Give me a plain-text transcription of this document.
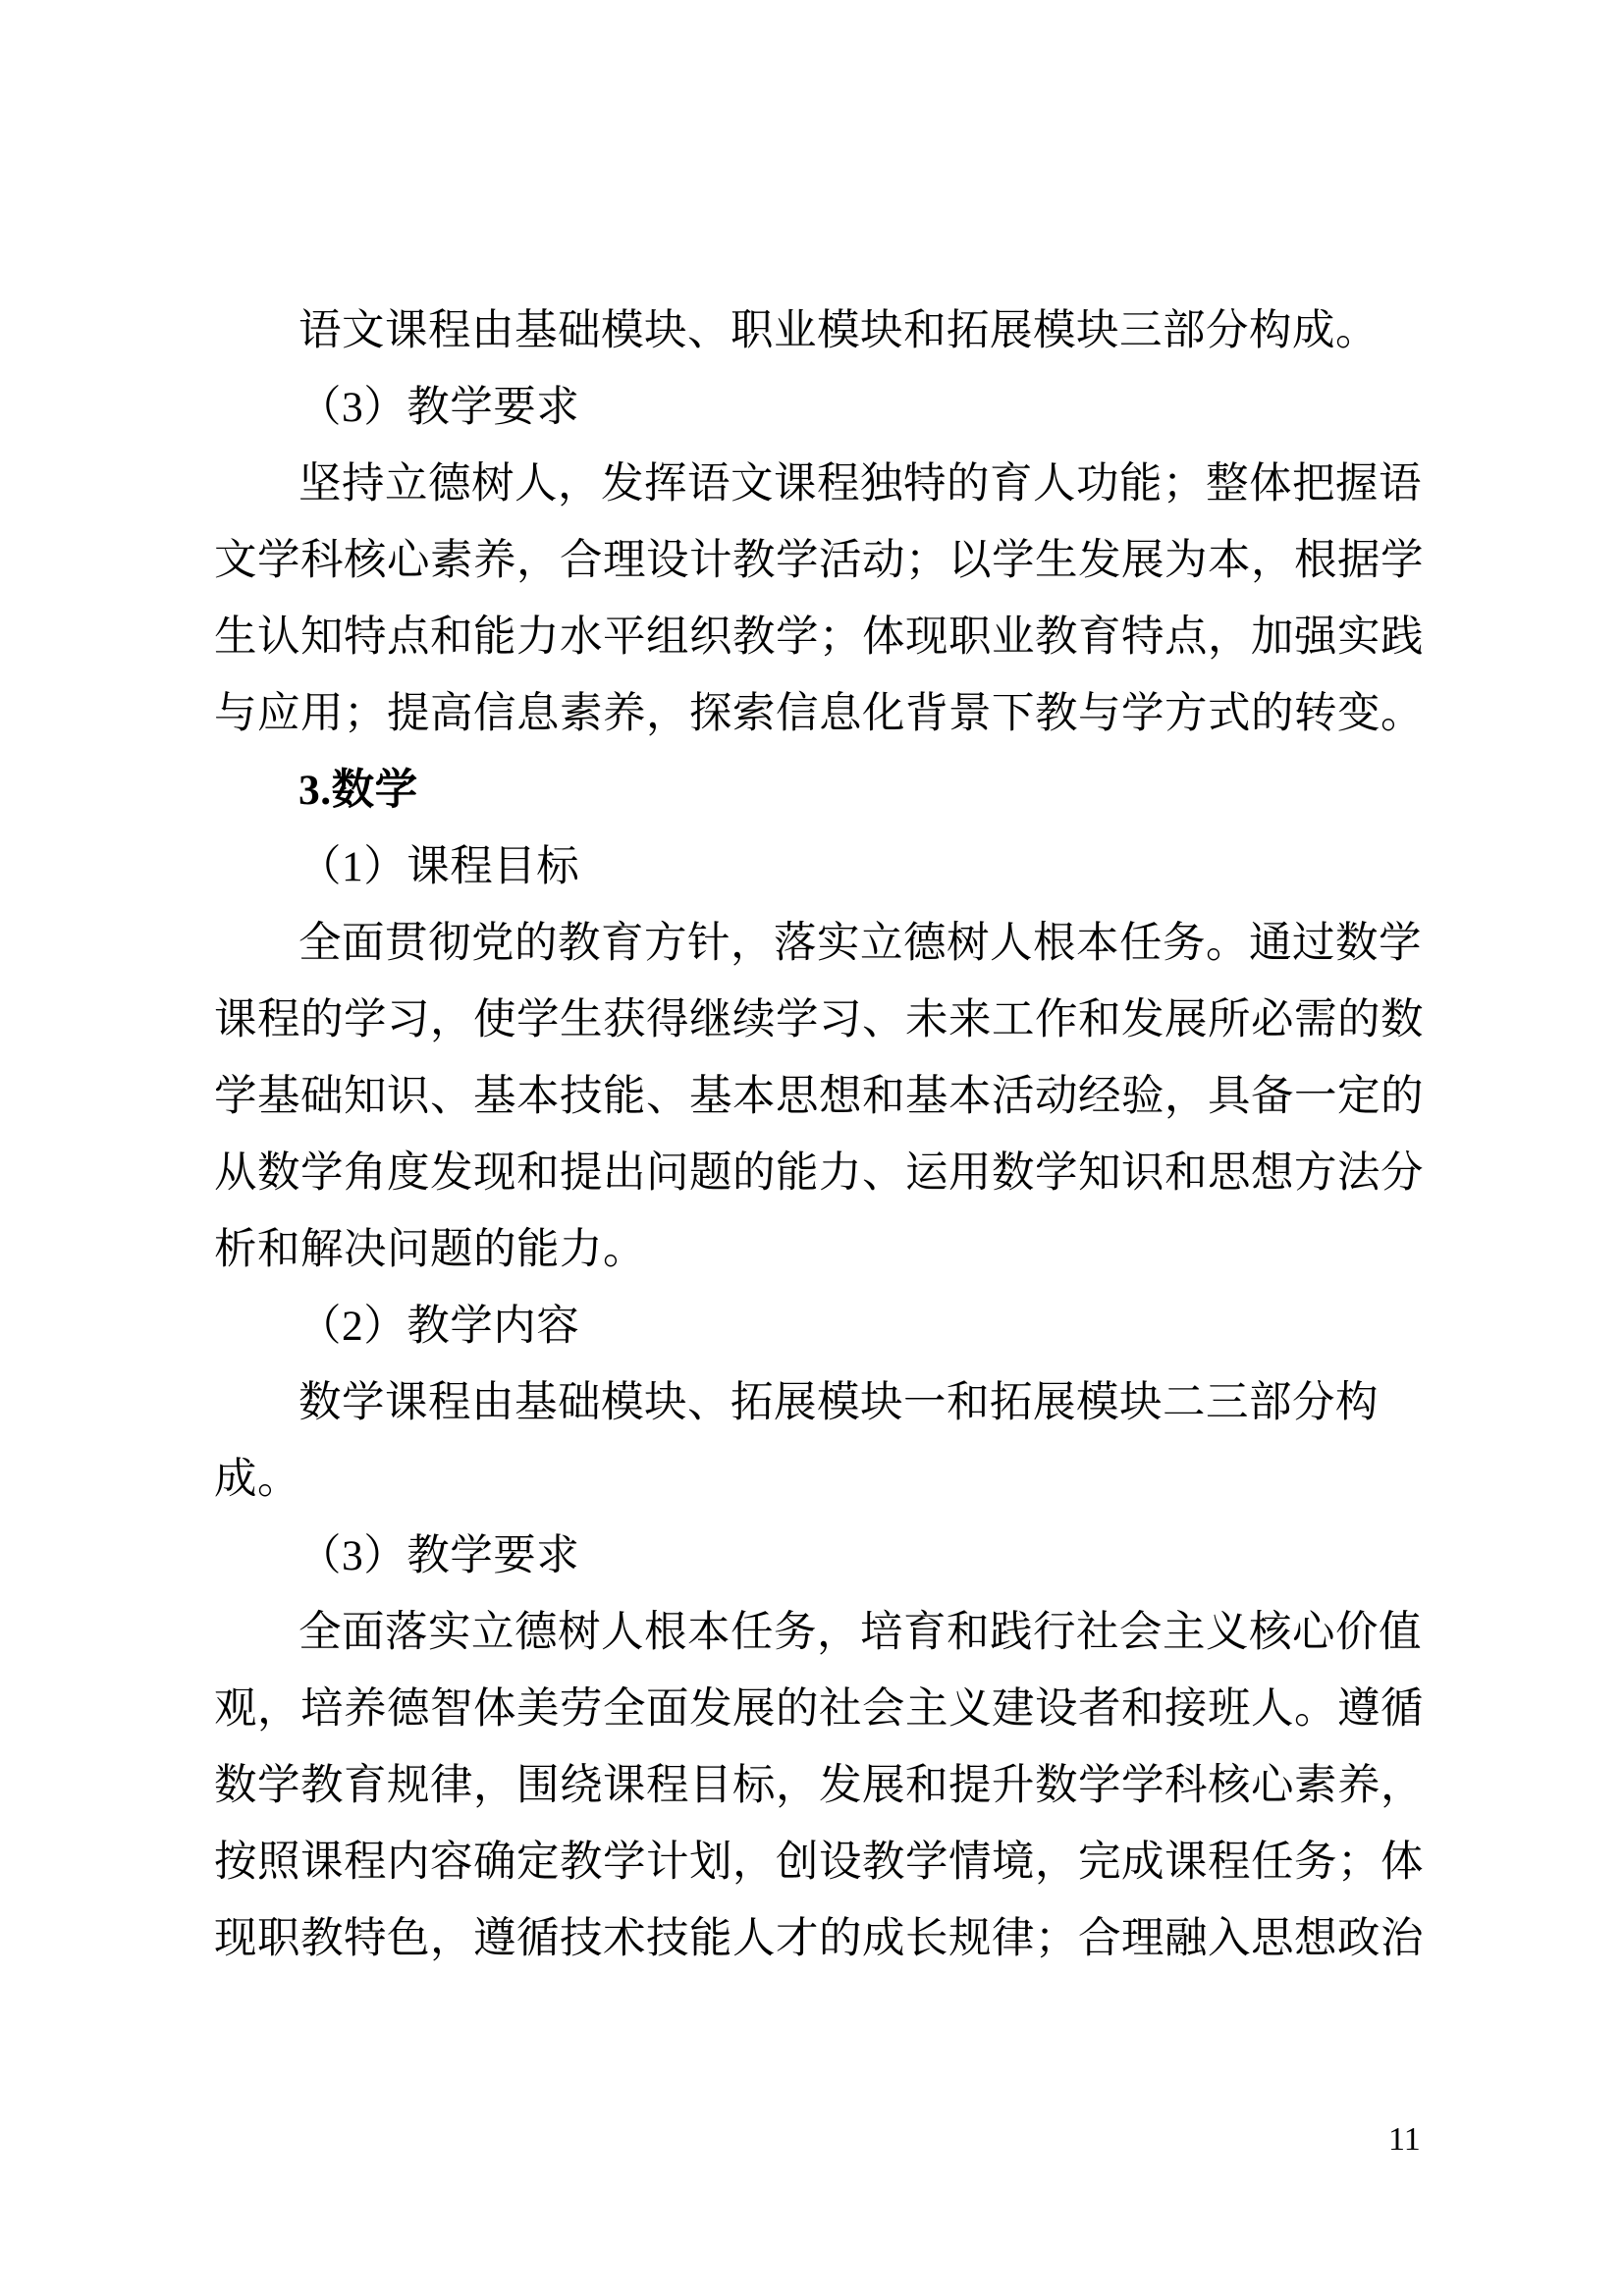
语文课程由基础模块、职业模块和拓展模块三部分构成。
（3）教学要求
坚持立德树人，发挥语文课程独特的育人功能；整体把握语
文学科核心素养，合理设计教学活动；以学生发展为本，根据学
生认知特点和能力水平组织教学；体现职业教育特点，加强实践
与应用；提高信息素养，探索信息化背景下教与学方式的转变。
3.数学
（1）课程目标
全面贯彻党的教育方针，落实立德树人根本任务。通过数学
课程的学习，使学生获得继续学习、未来工作和发展所必需的数
学基础知识、基本技能、基本思想和基本活动经验，具备一定的
从数学角度发现和提出问题的能力、运用数学知识和思想方法分
析和解决问题的能力。
（2）教学内容
数学课程由基础模块、拓展模块一和拓展模块二三部分构
成。
（3）教学要求
全面落实立德树人根本任务，培育和践行社会主义核心价值
观，培养德智体美劳全面发展的社会主义建设者和接班人。遵循
数学教育规律，围绕课程目标，发展和提升数学学科核心素养，
按照课程内容确定教学计划，创设教学情境，完成课程任务；体
现职教特色，遵循技术技能人才的成长规律；合理融入思想政治
11
